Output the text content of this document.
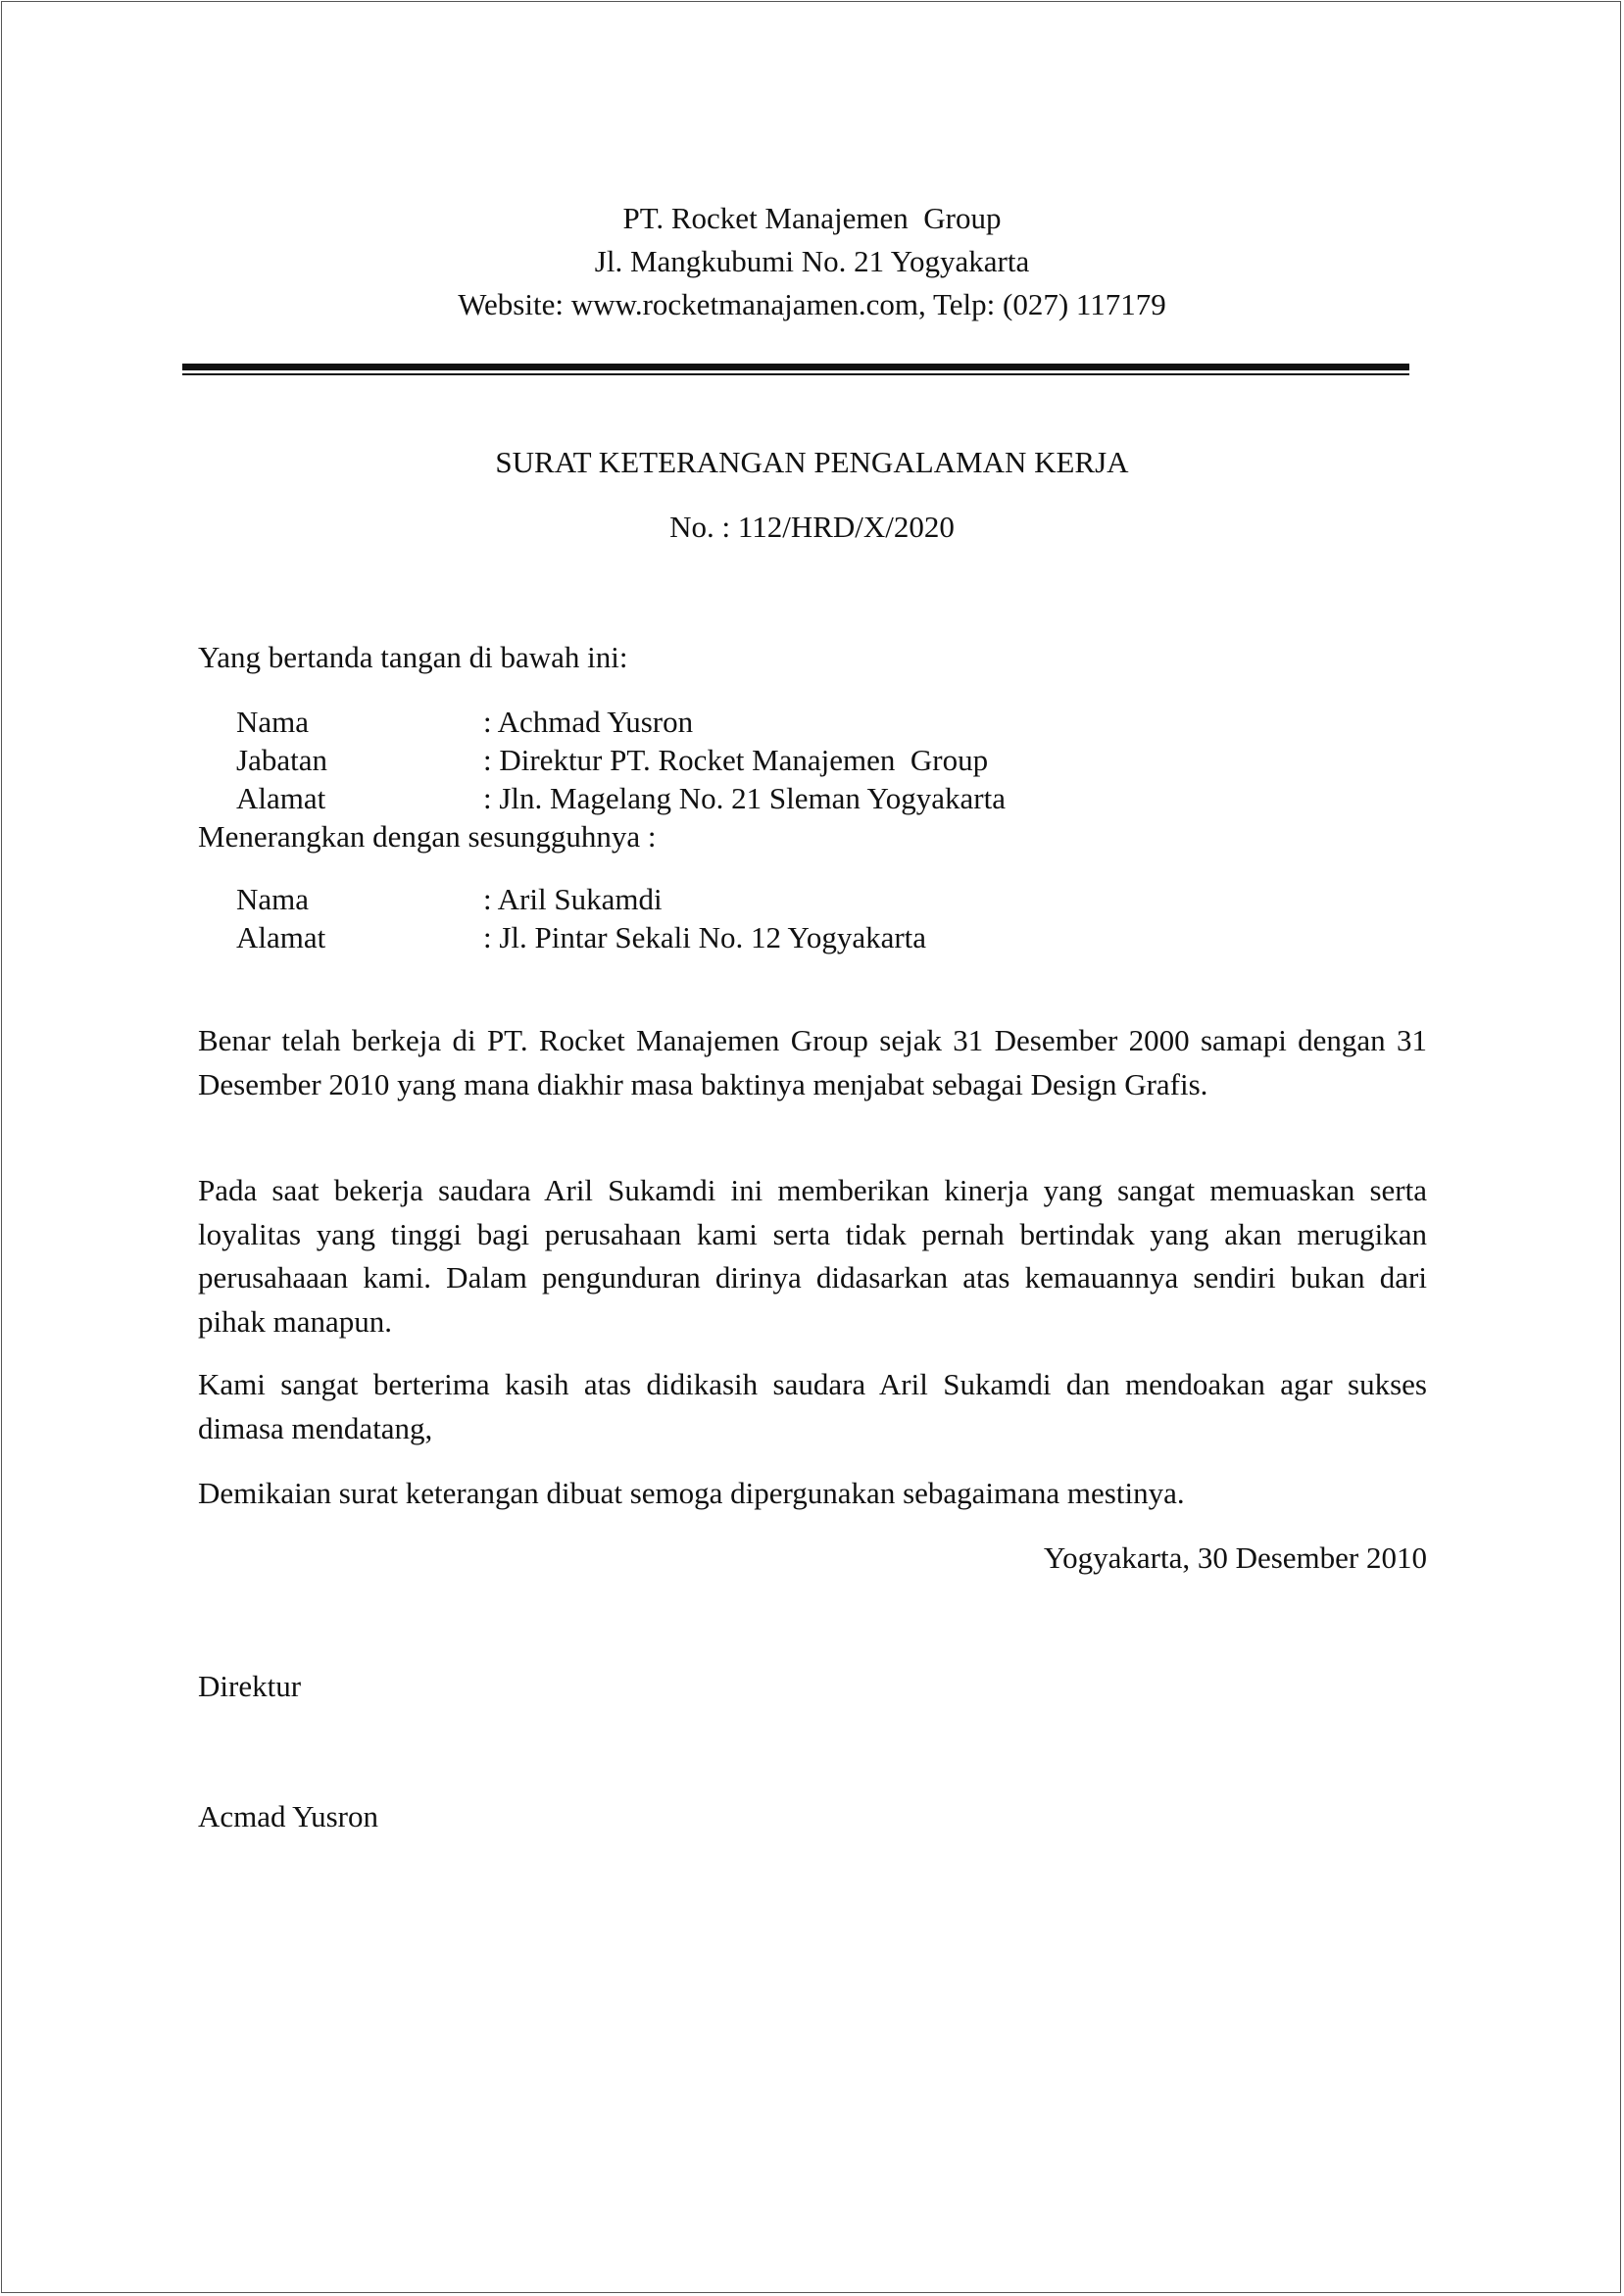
PT. Rocket Manajemen  Group
Jl. Mangkubumi No. 21 Yogyakarta
Website: www.rocketmanajamen.com, Telp: (027) 117179
SURAT KETERANGAN PENGALAMAN KERJA
No. : 112/HRD/X/2020
Yang bertanda tangan di bawah ini:
Nama	: Achmad Yusron
Jabatan	: Direktur PT. Rocket Manajemen  Group
Alamat	: Jln. Magelang No. 21 Sleman Yogyakarta
Menerangkan dengan sesungguhnya :
Nama	: Aril Sukamdi
Alamat	: Jl. Pintar Sekali No. 12 Yogyakarta

Benar telah berkeja di PT. Rocket Manajemen Group sejak 31 Desember 2000 samapi dengan 31 Desember 2010 yang mana diakhir masa baktinya menjabat sebagai Design Grafis.

Pada saat bekerja saudara Aril Sukamdi ini memberikan kinerja yang sangat memuaskan serta loyalitas yang tinggi bagi perusahaan kami serta tidak pernah bertindak yang akan merugikan perusahaaan kami. Dalam pengunduran dirinya didasarkan atas kemauannya sendiri bukan dari pihak manapun.

Kami sangat berterima kasih atas didikasih saudara Aril Sukamdi dan mendoakan agar sukses dimasa mendatang,

Demikaian surat keterangan dibuat semoga dipergunakan sebagaimana mestinya.

Yogyakarta, 30 Desember 2010
Direktur
Acmad Yusron
